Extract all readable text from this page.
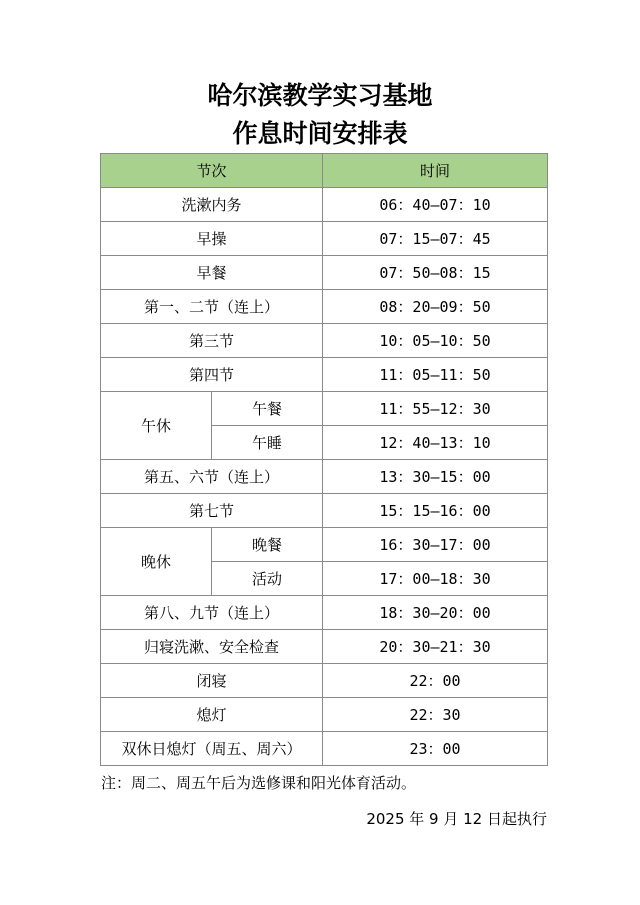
哈尔滨教学实习基地
作息时间安排表
节次		时间
洗漱内务		06：40—07：10
早操		07：15—07：45
早餐		07：50—08：15
第一、二节（连上）		08：20—09：50
第三节		10：05—10：50
第四节		11：05—11：50
午休	午餐	11：55—12：30
	午睡	12：40—13：10
第五、六节（连上）		13：30—15：00
第七节		15：15—16：00
晚休	晚餐	16：30—17：00
	活动	17：00—18：30
第八、九节（连上）		18：30—20：00
归寝洗漱、安全检查		20：30—21：30
闭寝		22：00
熄灯		22：30
双休日熄灯（周五、周六）		23：00
注：周二、周五午后为选修课和阳光体育活动。
2025 年 9 月 12 日起执行
